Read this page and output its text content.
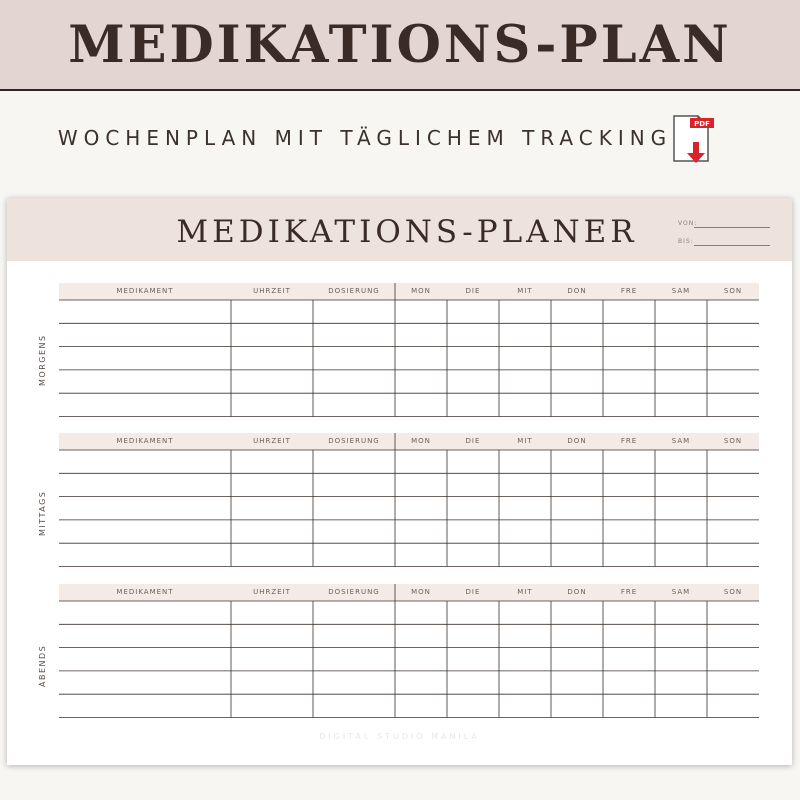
MEDIKATIONS-PLAN
WOCHENPLAN MIT TÄGLICHEM TRACKING
PDF
MEDIKATIONS-PLANER	VON:
BIS:
MEDIKAMENT	UHRZEIT	DOSIERUNG	MON	DIE	MIT	DON	FRE	SAM	SON
MORGENS
MEDIKAMENT	UHRZEIT	DOSIERUNG	MON	DIE	MIT	DON	FRE	SAM	SON
MITTAGS
MEDIKAMENT	UHRZEIT	DOSIERUNG	MON	DIE	MIT	DON	FRE	SAM	SON
ABENDS
DIGITAL STUDIO MANILA
